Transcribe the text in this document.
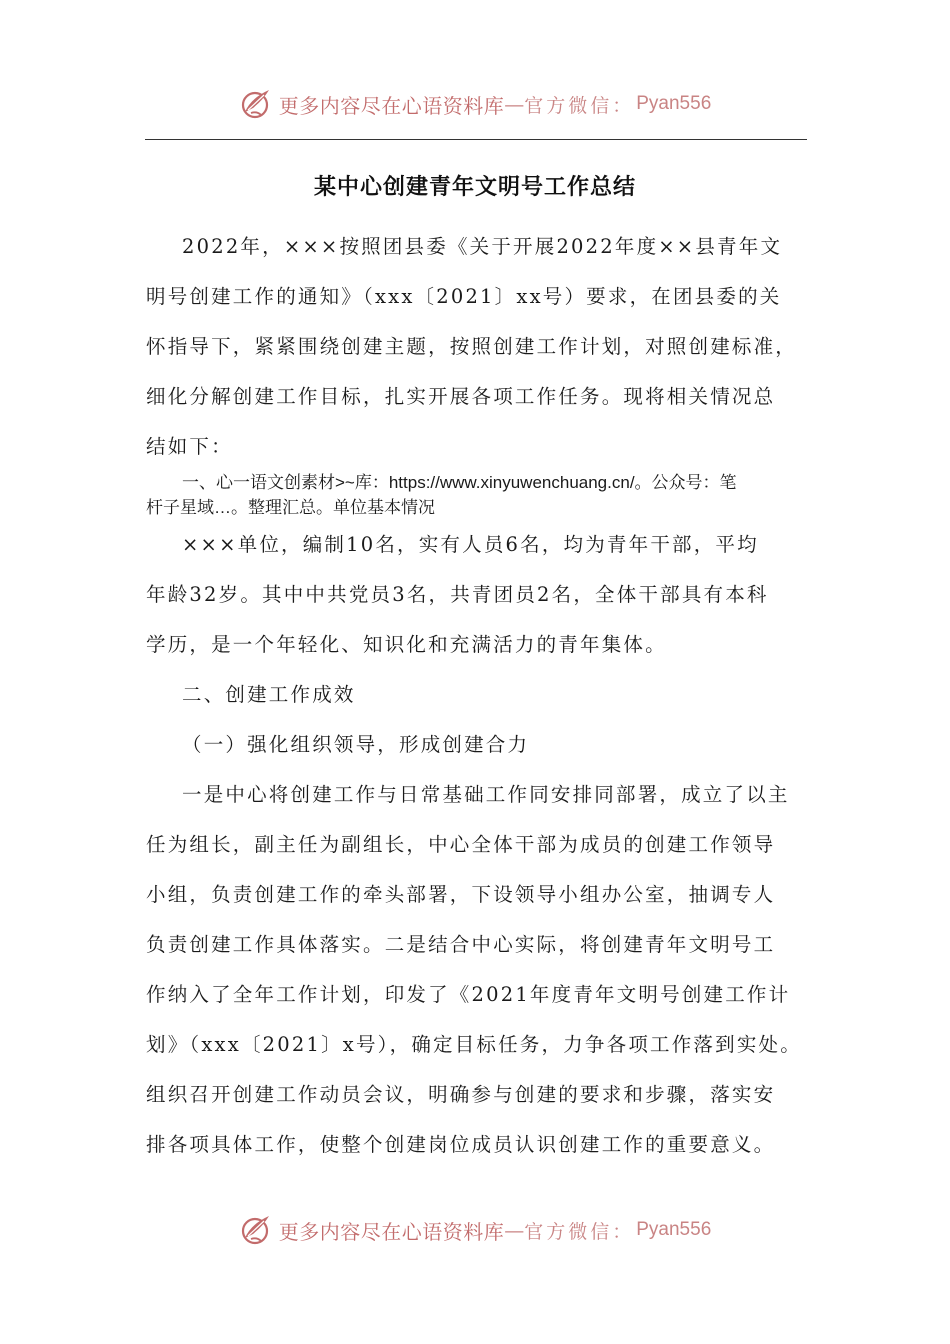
更多内容尽在心语资料库 — 官方微信： Pyan556
某中心创建青年文明号工作总结
2022年，×××按照团县委《关于开展2022年度××县青年文
明号创建工作的通知》（xxx〔2021〕xx号）要求，在团县委的关
怀指导下，紧紧围绕创建主题，按照创建工作计划，对照创建标准，
细化分解创建工作目标，扎实开展各项工作任务。现将相关情况总
结如下：
一、心一语文创素材>~库：https://www.xinyuwenchuang.cn/。公众号：笔
杆子星域…。整理汇总。单位基本情况
×××单位，编制10名，实有人员6名，均为青年干部，平均
年龄32岁。其中中共党员3名，共青团员2名，全体干部具有本科
学历，是一个年轻化、知识化和充满活力的青年集体。
二、创建工作成效
（一）强化组织领导，形成创建合力
一是中心将创建工作与日常基础工作同安排同部署，成立了以主
任为组长，副主任为副组长，中心全体干部为成员的创建工作领导
小组，负责创建工作的牵头部署，下设领导小组办公室，抽调专人
负责创建工作具体落实。二是结合中心实际，将创建青年文明号工
作纳入了全年工作计划，印发了《2021年度青年文明号创建工作计
划》（xxx〔2021〕x号），确定目标任务，力争各项工作落到实处。
组织召开创建工作动员会议，明确参与创建的要求和步骤，落实安
排各项具体工作，使整个创建岗位成员认识创建工作的重要意义。
更多内容尽在心语资料库 — 官方微信： Pyan556
